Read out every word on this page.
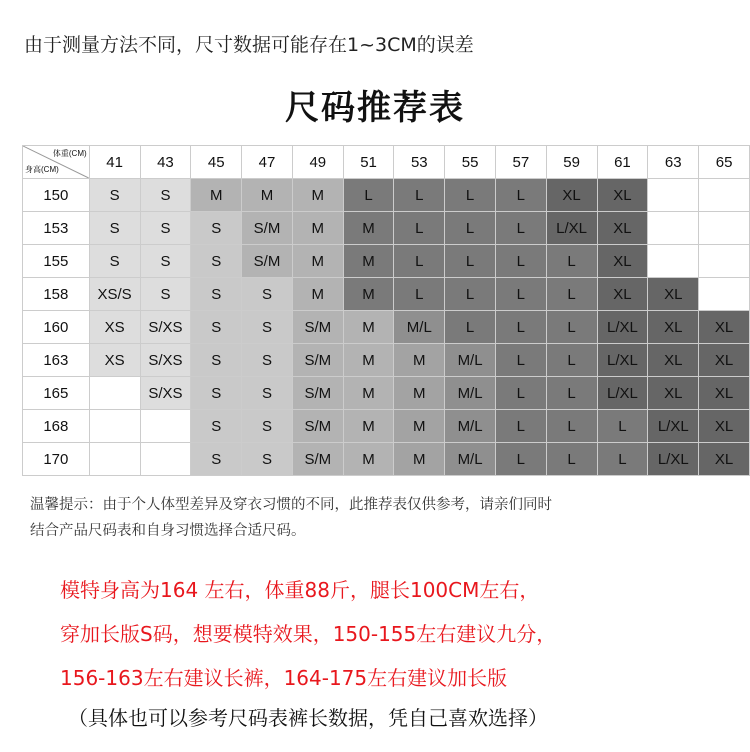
由于测量方法不同，尺寸数据可能存在1~3CM的误差
尺码推荐表
体重(CM)
身高(CM)	41	43	45	47	49	51	53	55	57	59	61	63	65
150	S	S	M	M	M	L	L	L	L	XL	XL		
153	S	S	S	S/M	M	M	L	L	L	L/XL	XL		
155	S	S	S	S/M	M	M	L	L	L	L	XL		
158	XS/S	S	S	S	M	M	L	L	L	L	XL	XL	
160	XS	S/XS	S	S	S/M	M	M/L	L	L	L	L/XL	XL	XL
163	XS	S/XS	S	S	S/M	M	M	M/L	L	L	L/XL	XL	XL
165		S/XS	S	S	S/M	M	M	M/L	L	L	L/XL	XL	XL
168			S	S	S/M	M	M	M/L	L	L	L	L/XL	XL
170			S	S	S/M	M	M	M/L	L	L	L	L/XL	XL
温馨提示：由于个人体型差异及穿衣习惯的不同，此推荐表仅供参考，请亲们同时
结合产品尺码表和自身习惯选择合适尺码。
模特身高为164 左右，体重88斤，腿长100CM左右，
穿加长版S码，想要模特效果，150-155左右建议九分，
156-163左右建议长裤，164-175左右建议加长版
（具体也可以参考尺码表裤长数据，凭自己喜欢选择）
